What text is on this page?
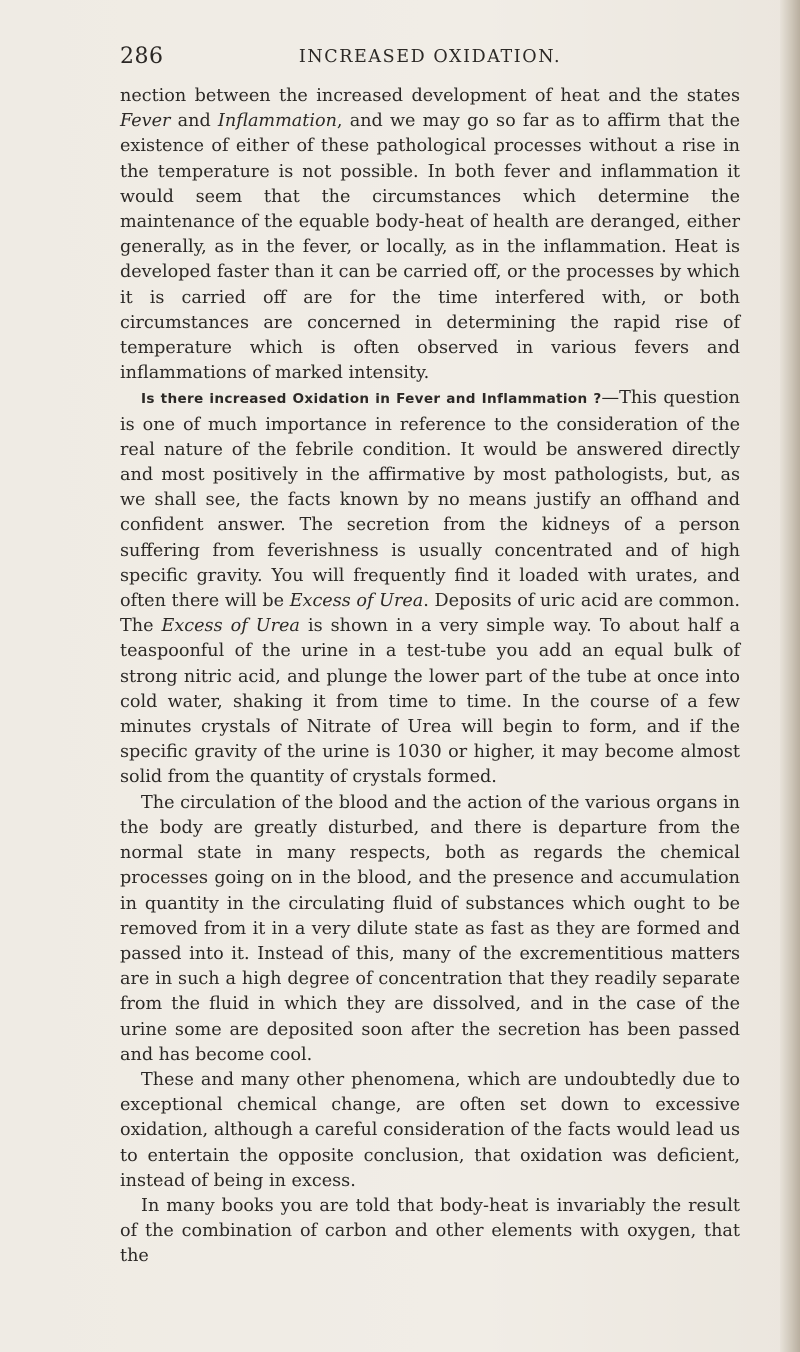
286	INCREASED OXIDATION.

nection between the increased development of heat and the states Fever and Inflammation, and we may go so far as to affirm that the existence of either of these pathological processes without a rise in the temperature is not possible. In both fever and inflammation it would seem that the circumstances which determine the maintenance of the equable body-heat of health are deranged, either generally, as in the fever, or locally, as in the inflammation. Heat is developed faster than it can be carried off, or the processes by which it is carried off are for the time interfered with, or both circumstances are concerned in determining the rapid rise of temperature which is often observed in various fevers and inflammations of marked intensity.

Is there increased Oxidation in Fever and Inflammation ?—This question is one of much importance in reference to the consideration of the real nature of the febrile condition. It would be answered directly and most positively in the affirmative by most pathologists, but, as we shall see, the facts known by no means justify an offhand and confident answer. The secretion from the kidneys of a person suffering from feverishness is usually concentrated and of high specific gravity. You will frequently find it loaded with urates, and often there will be Excess of Urea. Deposits of uric acid are common. The Excess of Urea is shown in a very simple way. To about half a teaspoonful of the urine in a test-tube you add an equal bulk of strong nitric acid, and plunge the lower part of the tube at once into cold water, shaking it from time to time. In the course of a few minutes crystals of Nitrate of Urea will begin to form, and if the specific gravity of the urine is 1030 or higher, it may become almost solid from the quantity of crystals formed.

The circulation of the blood and the action of the various organs in the body are greatly disturbed, and there is departure from the normal state in many respects, both as regards the chemical processes going on in the blood, and the presence and accumulation in quantity in the circulating fluid of substances which ought to be removed from it in a very dilute state as fast as they are formed and passed into it. Instead of this, many of the excrementitious matters are in such a high degree of concentration that they readily separate from the fluid in which they are dissolved, and in the case of the urine some are deposited soon after the secretion has been passed and has become cool.

These and many other phenomena, which are undoubtedly due to exceptional chemical change, are often set down to excessive oxidation, although a careful consideration of the facts would lead us to entertain the opposite conclusion, that oxidation was deficient, instead of being in excess.

In many books you are told that body-heat is invariably the result of the combination of carbon and other elements with oxygen, that the
